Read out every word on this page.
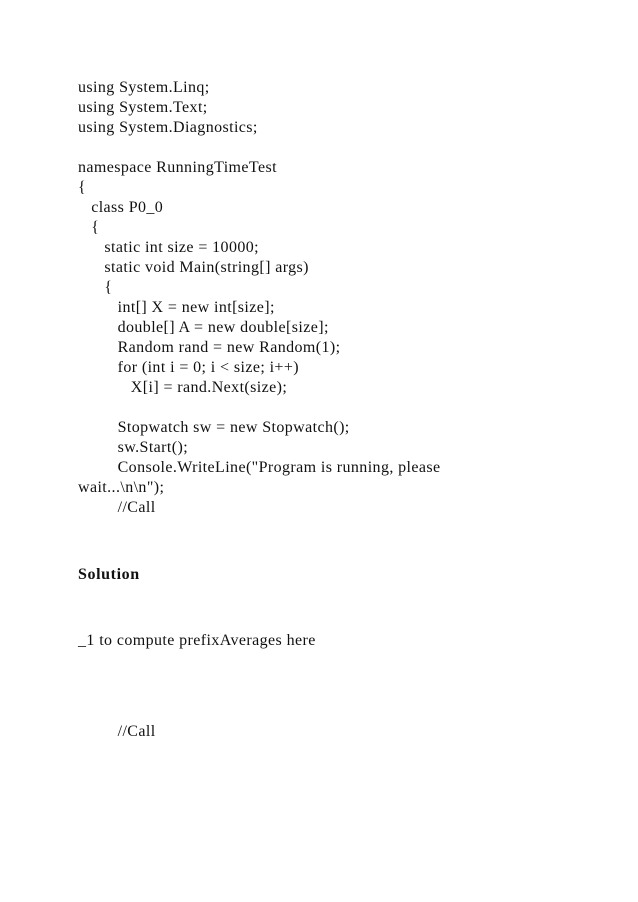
using System.Linq;
using System.Text;
using System.Diagnostics;
namespace RunningTimeTest
{
class P0_0
{
static int size = 10000;
static void Main(string[] args)
{
int[] X = new int[size];
double[] A = new double[size];
Random rand = new Random(1);
for (int i = 0; i < size; i++)
X[i] = rand.Next(size);
Stopwatch sw = new Stopwatch();
sw.Start();
Console.WriteLine("Program is running, please
wait...\n\n");
//Call
Solution
_1 to compute prefixAverages here
//Call
